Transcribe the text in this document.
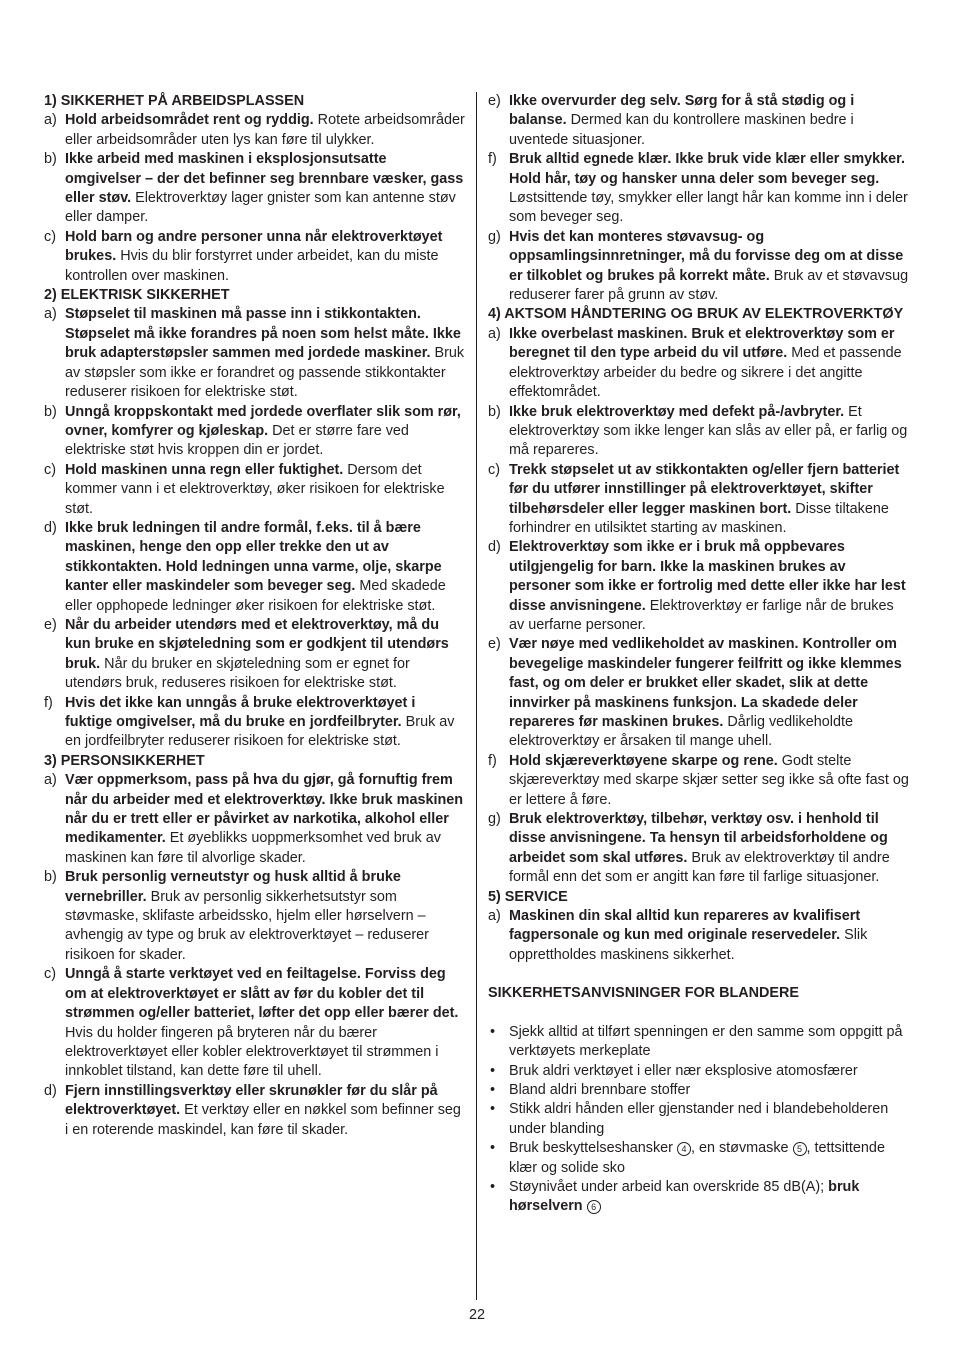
1) SIKKERHET PÅ ARBEIDSPLASSEN

a) Hold arbeidsområdet rent og ryddig. Rotete arbeidsområder eller arbeidsområder uten lys kan føre til ulykker.

b) Ikke arbeid med maskinen i eksplosjonsutsatte omgivelser – der det befinner seg brennbare væsker, gass eller støv. Elektroverktøy lager gnister som kan antenne støv eller damper.

c) Hold barn og andre personer unna når elektroverktøyet brukes. Hvis du blir forstyrret under arbeidet, kan du miste kontrollen over maskinen.

2) ELEKTRISK SIKKERHET

a) Støpselet til maskinen må passe inn i stikkontakten. Støpselet må ikke forandres på noen som helst måte. Ikke bruk adapterstøpsler sammen med jordede maskiner. Bruk av støpsler som ikke er forandret og passende stikkontakter reduserer risikoen for elektriske støt.

b) Unngå kroppskontakt med jordede overflater slik som rør, ovner, komfyrer og kjøleskap. Det er større fare ved elektriske støt hvis kroppen din er jordet.

c) Hold maskinen unna regn eller fuktighet. Dersom det kommer vann i et elektroverktøy, øker risikoen for elektriske støt.

d) Ikke bruk ledningen til andre formål, f.eks. til å bære maskinen, henge den opp eller trekke den ut av stikkontakten. Hold ledningen unna varme, olje, skarpe kanter eller maskindeler som beveger seg. Med skadede eller opphopede ledninger øker risikoen for elektriske støt.

e) Når du arbeider utendørs med et elektroverktøy, må du kun bruke en skjøteledning som er godkjent til utendørs bruk. Når du bruker en skjøteledning som er egnet for utendørs bruk, reduseres risikoen for elektriske støt.

f) Hvis det ikke kan unngås å bruke elektroverktøyet i fuktige omgivelser, må du bruke en jordfeilbryter. Bruk av en jordfeilbryter reduserer risikoen for elektriske støt.

3) PERSONSIKKERHET

a) Vær oppmerksom, pass på hva du gjør, gå fornuftig frem når du arbeider med et elektroverktøy. Ikke bruk maskinen når du er trett eller er påvirket av narkotika, alkohol eller medikamenter. Et øyeblikks uoppmerksomhet ved bruk av maskinen kan føre til alvorlige skader.

b) Bruk personlig verneutstyr og husk alltid å bruke vernebriller. Bruk av personlig sikkerhetsutstyr som støvmaske, sklifaste arbeidssko, hjelm eller hørselvern – avhengig av type og bruk av elektroverktøyet – reduserer risikoen for skader.

c) Unngå å starte verktøyet ved en feiltagelse. Forviss deg om at elektroverktøyet er slått av før du kobler det til strømmen og/eller batteriet, løfter det opp eller bærer det. Hvis du holder fingeren på bryteren når du bærer elektroverktøyet eller kobler elektroverktøyet til strømmen i innkoblet tilstand, kan dette føre til uhell.

d) Fjern innstillingsverktøy eller skrunøkler før du slår på elektroverktøyet. Et verktøy eller en nøkkel som befinner seg i en roterende maskindel, kan føre til skader.

e) Ikke overvurder deg selv. Sørg for å stå stødig og i balanse. Dermed kan du kontrollere maskinen bedre i uventede situasjoner.

f) Bruk alltid egnede klær. Ikke bruk vide klær eller smykker. Hold hår, tøy og hansker unna deler som beveger seg. Løstsittende tøy, smykker eller langt hår kan komme inn i deler som beveger seg.

g) Hvis det kan monteres støvavsug- og oppsamlingsinnretninger, må du forvisse deg om at disse er tilkoblet og brukes på korrekt måte. Bruk av et støvavsug reduserer farer på grunn av støv.

4) AKTSOM HÅNDTERING OG BRUK AV ELEKTROVERKTØY

a) Ikke overbelast maskinen. Bruk et elektroverktøy som er beregnet til den type arbeid du vil utføre. Med et passende elektroverktøy arbeider du bedre og sikrere i det angitte effektområdet.

b) Ikke bruk elektroverktøy med defekt på-/avbryter. Et elektroverktøy som ikke lenger kan slås av eller på, er farlig og må repareres.

c) Trekk støpselet ut av stikkontakten og/eller fjern batteriet før du utfører innstillinger på elektroverktøyet, skifter tilbehørsdeler eller legger maskinen bort. Disse tiltakene forhindrer en utilsiktet starting av maskinen.

d) Elektroverktøy som ikke er i bruk må oppbevares utilgjengelig for barn. Ikke la maskinen brukes av personer som ikke er fortrolig med dette eller ikke har lest disse anvisningene. Elektroverktøy er farlige når de brukes av uerfarne personer.

e) Vær nøye med vedlikeholdet av maskinen. Kontroller om bevegelige maskindeler fungerer feilfritt og ikke klemmes fast, og om deler er brukket eller skadet, slik at dette innvirker på maskinens funksjon. La skadede deler repareres før maskinen brukes. Dårlig vedlikeholdte elektroverktøy er årsaken til mange uhell.

f) Hold skjæreverktøyene skarpe og rene. Godt stelte skjæreverktøy med skarpe skjær setter seg ikke så ofte fast og er lettere å føre.

g) Bruk elektroverktøy, tilbehør, verktøy osv. i henhold til disse anvisningene. Ta hensyn til arbeidsforholdene og arbeidet som skal utføres. Bruk av elektroverktøy til andre formål enn det som er angitt kan føre til farlige situasjoner.

5) SERVICE

a) Maskinen din skal alltid kun repareres av kvalifisert fagpersonale og kun med originale reservedeler. Slik opprettholdes maskinens sikkerhet.

SIKKERHETSANVISNINGER FOR BLANDERE

• Sjekk alltid at tilført spenningen er den samme som oppgitt på verktøyets merkeplate

• Bruk aldri verktøyet i eller nær eksplosive atomosfærer

• Bland aldri brennbare stoffer

• Stikk aldri hånden eller gjenstander ned i blandebeholderen under blanding

• Bruk beskyttelseshansker 4 , en støvmaske 5 , tettsittende klær og solide sko

• Støynivået under arbeid kan overskride 85 dB(A); bruk hørselvern 6

22
